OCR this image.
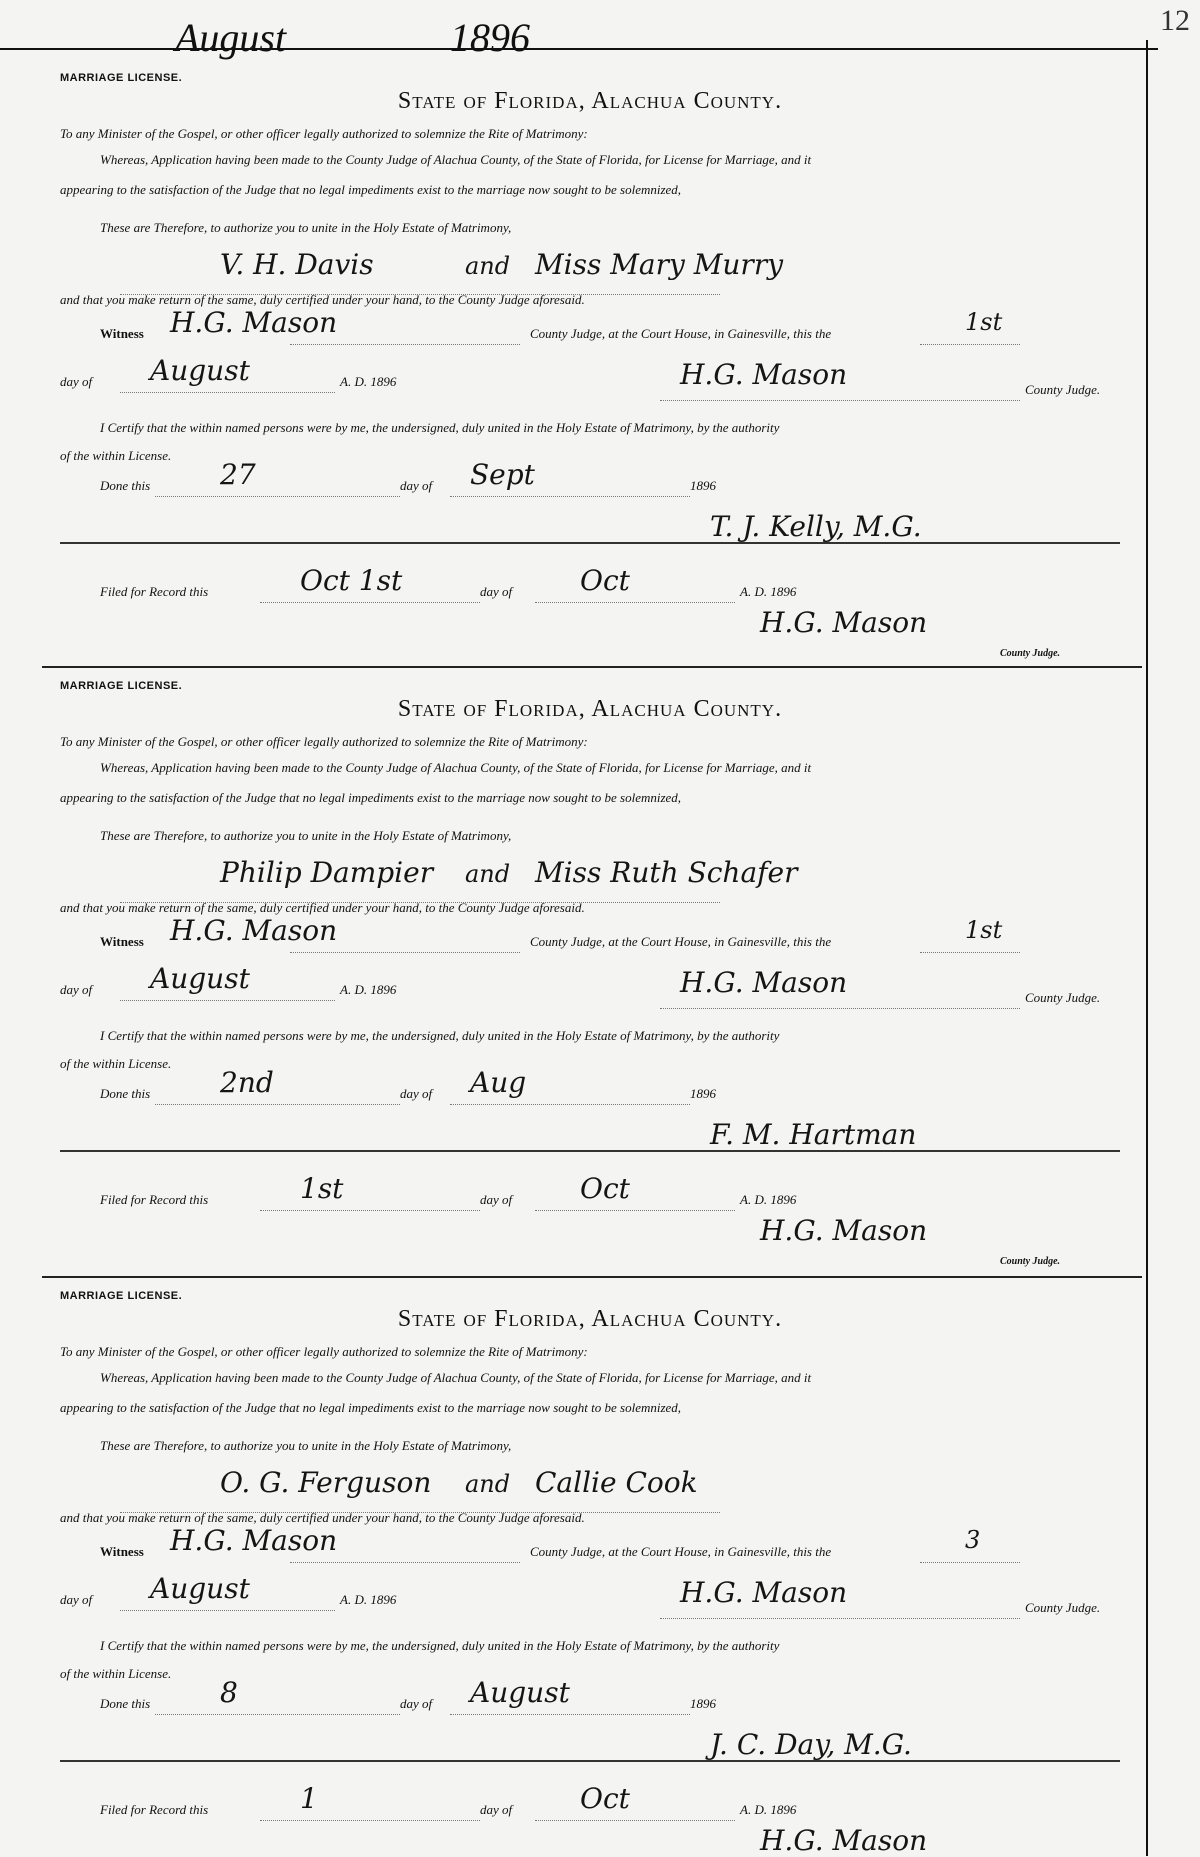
August	1896	12
MARRIAGE LICENSE.
State of Florida, Alachua County.
To any Minister of the Gospel, or other officer legally authorized to solemnize the Rite of Matrimony:
Whereas, Application having been made to the County Judge of Alachua County, of the State of Florida, for License for Marriage, and it
appearing to the satisfaction of the Judge that no legal impediments exist to the marriage now sought to be solemnized,
These are Therefore, to authorize you to unite in the Holy Estate of Matrimony,
V. H. Davis	and Miss Mary Murry
and that you make return of the same, duly certified under your hand, to the County Judge aforesaid.
Witness H.G. Mason	County Judge, at the Court House, in Gainesville, this the	1st
day of August	A. D. 1896	H.G. Mason	County Judge.
I Certify that the within named persons were by me, the undersigned, duly united in the Holy Estate of Matrimony, by the authority
of the within License.
Done this 27	day of Sept	1896
T. J. Kelly, M.G.
Filed for Record this	Oct 1st	day of Oct	A. D. 1896
H.G. Mason
County Judge.
MARRIAGE LICENSE.
State of Florida, Alachua County.
To any Minister of the Gospel, or other officer legally authorized to solemnize the Rite of Matrimony:
Whereas, Application having been made to the County Judge of Alachua County, of the State of Florida, for License for Marriage, and it
appearing to the satisfaction of the Judge that no legal impediments exist to the marriage now sought to be solemnized,
These are Therefore, to authorize you to unite in the Holy Estate of Matrimony,
Philip Dampier and Miss Ruth Schafer
and that you make return of the same, duly certified under your hand, to the County Judge aforesaid.
Witness H.G. Mason	County Judge, at the Court House, in Gainesville, this the	1st
day of August	A. D. 1896	H.G. Mason	County Judge.
I Certify that the within named persons were by me, the undersigned, duly united in the Holy Estate of Matrimony, by the authority
of the within License.
Done this 2nd	day of Aug	1896
F. M. Hartman
Filed for Record this	1st	day of Oct	A. D. 1896
H.G. Mason
County Judge.
MARRIAGE LICENSE.
State of Florida, Alachua County.
To any Minister of the Gospel, or other officer legally authorized to solemnize the Rite of Matrimony:
Whereas, Application having been made to the County Judge of Alachua County, of the State of Florida, for License for Marriage, and it
appearing to the satisfaction of the Judge that no legal impediments exist to the marriage now sought to be solemnized,
These are Therefore, to authorize you to unite in the Holy Estate of Matrimony,
O. G. Ferguson and Callie Cook
and that you make return of the same, duly certified under your hand, to the County Judge aforesaid.
Witness H.G. Mason	County Judge, at the Court House, in Gainesville, this the	3
day of August	A. D. 1896	H.G. Mason	County Judge.
I Certify that the within named persons were by me, the undersigned, duly united in the Holy Estate of Matrimony, by the authority
of the within License.
Done this 8	day of August	1896
J. C. Day, M.G.
Filed for Record this	1	day of Oct	A. D. 1896
H.G. Mason
